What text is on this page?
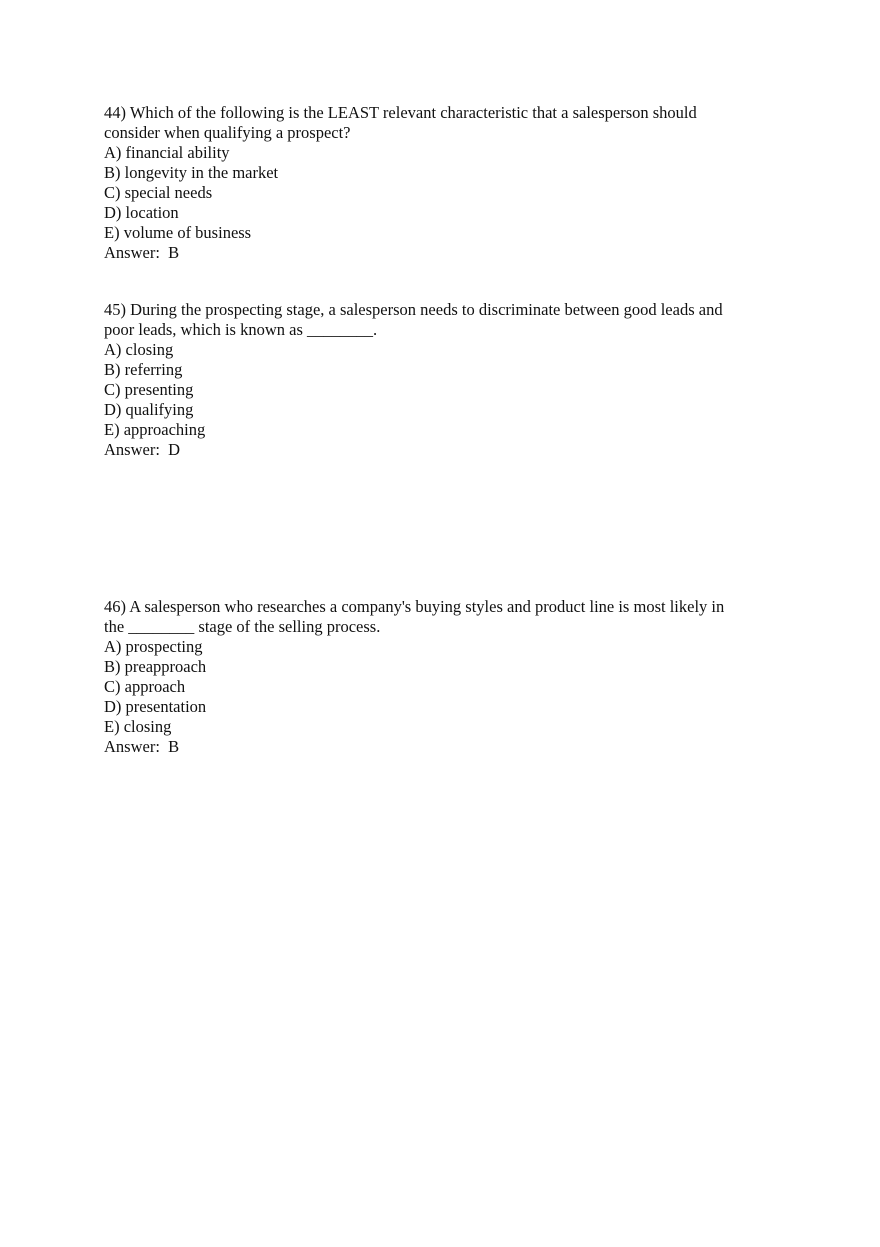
44) Which of the following is the LEAST relevant characteristic that a salesperson should
consider when qualifying a prospect?
A) financial ability
B) longevity in the market
C) special needs
D) location
E) volume of business
Answer:  B
45) During the prospecting stage, a salesperson needs to discriminate between good leads and
poor leads, which is known as ________.
A) closing
B) referring
C) presenting
D) qualifying
E) approaching
Answer:  D
46) A salesperson who researches a company's buying styles and product line is most likely in
the ________ stage of the selling process.
A) prospecting
B) preapproach
C) approach
D) presentation
E) closing
Answer:  B
